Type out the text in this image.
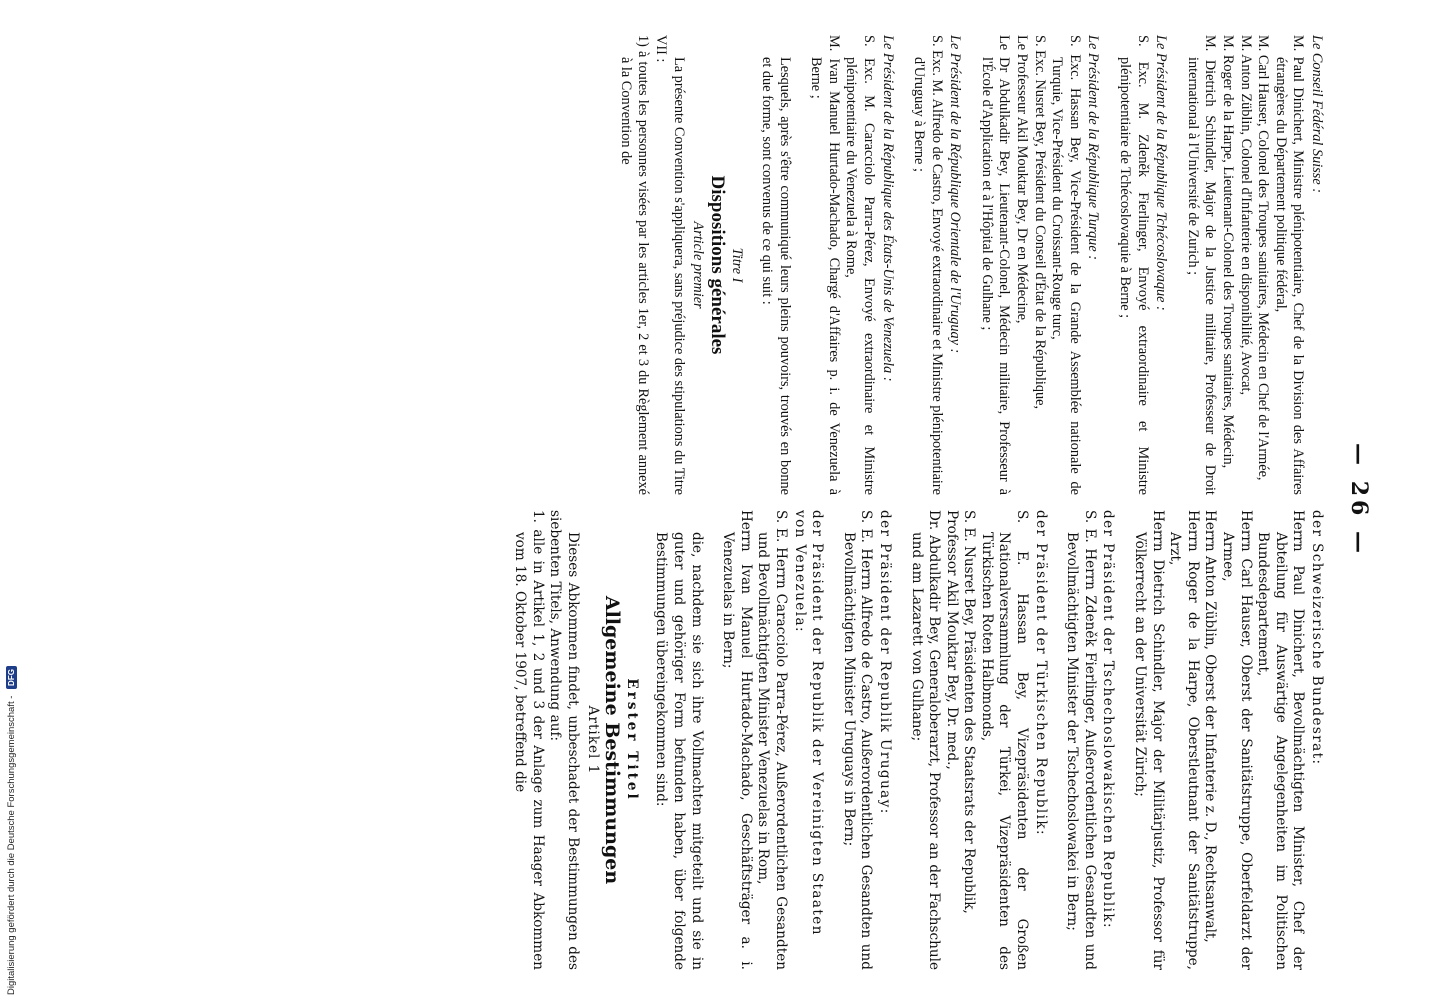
— 26 —

Le Conseil Fédéral Suisse :

M. Paul Dinichert, Ministre plénipotentiaire, Chef de la Division des Affaires étrangères du Département politique fédéral,

M. Carl Hauser, Colonel des Troupes sanitaires, Médecin en Chef de l'Armée,

M. Anton Züblin, Colonel d'Infanterie en disponibilité, Avocat,

M. Roger de la Harpe, Lieutenant-Colonel des Troupes sanitaires, Médecin,

M. Dietrich Schindler, Major de la Justice militaire, Professeur de Droit international à l'Université de Zurich ;

Le Président de la République Tchécoslovaque :

S. Exc. M. Zdeněk Fierlinger, Envoyé extraordinaire et Ministre plénipotentiaire de Tchécoslovaquie à Berne ;

Le Président de la République Turque :

S. Exc. Hassan Bey, Vice-Président de la Grande Assemblée nationale de Turquie, Vice-Président du Croissant-Rouge turc,

S. Exc. Nusret Bey, Président du Conseil d'État de la République,

Le Professeur Akil Mouktar Bey, Dr en Médecine,

Le Dr Abdulkadir Bey, Lieutenant-Colonel, Médecin militaire, Professeur à l'École d'Application et à l'Hôpital de Gulhane ;

Le Président de la République Orientale de l'Uruguay :

S. Exc. M. Alfredo de Castro, Envoyé extraordinaire et Ministre plénipotentiaire d'Uruguay à Berne ;

Le Président de la République des États-Unis de Venezuela :

S. Exc. M. Caracciolo Parra-Pérez, Envoyé extraordinaire et Ministre plénipotentiaire du Venezuela à Rome,

M. Ivan Manuel Hurtado-Machado, Chargé d'Affaires p. i. de Venezuela à Berne ;

Lesquels, après s'être communiqué leurs pleins pouvoirs, trouvés en bonne et due forme, sont convenus de ce qui suit :

Titre I
Dispositions générales
Article premier

La présente Convention s'appliquera, sans préjudice des stipulations du Titre VII :

1) à toutes les personnes visées par les articles 1er, 2 et 3 du Règlement annexé à la Convention de

der Schweizerische Bundesrat:

Herrn Paul Dinichert, Bevollmächtigten Minister, Chef der Abteilung für Auswärtige Angelegenheiten im Politischen Bundesdepartement,

Herrn Carl Hauser, Oberst der Sanitätstruppe, Oberfeldarzt der Armee,

Herrn Anton Züblin, Oberst der Infanterie z. D., Rechtsanwalt,

Herrn Roger de la Harpe, Oberstleutnant der Sanitätstruppe, Arzt,

Herrn Dietrich Schindler, Major der Militärjustiz, Professor für Völkerrecht an der Universität Zürich;

der Präsident der Tschechoslowakischen Republik:

S. E. Herrn Zdeněk Fierlinger, Außerordentlichen Gesandten und Bevollmächtigten Minister der Tschechoslowakei in Bern;

der Präsident der Türkischen Republik:

S. E. Hassan Bey, Vizepräsidenten der Großen Nationalversammlung der Türkei, Vizepräsidenten des Türkischen Roten Halbmonds,

S. E. Nusret Bey, Präsidenten des Staatsrats der Republik,

Professor Akil Mouktar Bey, Dr. med.,

Dr. Abdulkadir Bey, Generaloberarzt, Professor an der Fachschule und am Lazarett von Gulhane;

der Präsident der Republik Uruguay:

S. E. Herrn Alfredo de Castro, Außerordentlichen Gesandten und Bevollmächtigten Minister Uruguays in Bern;

der Präsident der Republik der Vereinigten Staaten von Venezuela:

S. E. Herrn Caracciolo Parra-Pérez, Außerordentlichen Gesandten und Bevollmächtigten Minister Venezuelas in Rom,

Herrn Ivan Manuel Hurtado-Machado, Geschäftsträger a. i. Venezuelas in Bern;

die, nachdem sie sich ihre Vollmachten mitgeteilt und sie in guter und gehöriger Form befunden haben, über folgende Bestimmungen übereingekommen sind:

Erster Titel
Allgemeine Bestimmungen
Artikel 1

Dieses Abkommen findet, unbeschadet der Bestimmungen des siebenten Titels, Anwendung auf:

1. alle in Artikel 1, 2 und 3 der Anlage zum Haager Abkommen vom 18. Oktober 1907, betreffend die

Digitalisierung gefördert durch die Deutsche Forschungsgemeinschaft - DFG
